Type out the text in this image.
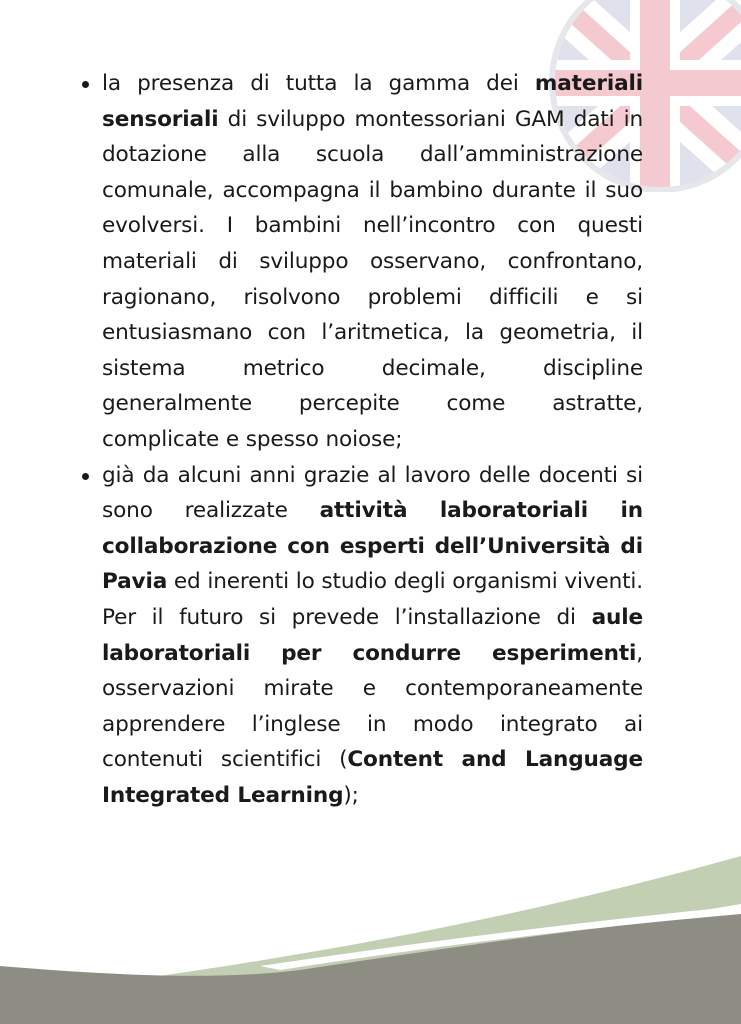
la presenza di tutta la gamma dei materiali sensoriali di sviluppo montessoriani GAM dati in dotazione alla scuola dall’amministrazione comunale, accompagna il bambino durante il suo evolversi. I bambini nell’incontro con questi materiali di sviluppo osservano, confrontano, ragionano, risolvono problemi difficili e si entusiasmano con l’aritmetica, la geometria, il sistema metrico decimale, discipline generalmente percepite come astratte, complicate e spesso noiose;
già da alcuni anni grazie al lavoro delle docenti si sono realizzate attività laboratoriali in collaborazione con esperti dell’Università di Pavia ed inerenti lo studio degli organismi viventi. Per il futuro si prevede l’installazione di aule laboratoriali per condurre esperimenti, osservazioni mirate e contemporaneamente apprendere l’inglese in modo integrato ai contenuti scientifici (Content and Language Integrated Learning);
